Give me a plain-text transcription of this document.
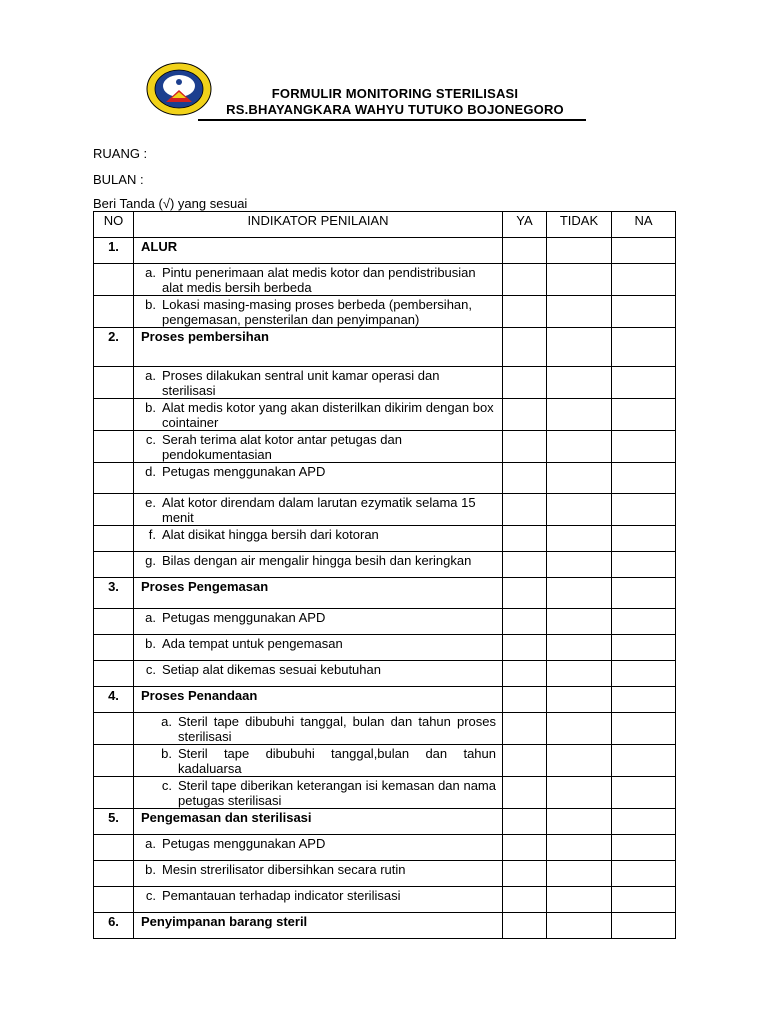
FORMULIR MONITORING STERILISASI
RS.BHAYANGKARA WAHYU TUTUKO BOJONEGORO
RUANG :
BULAN :
Beri Tanda (√) yang sesuai
NO	INDIKATOR PENILAIAN	YA	TIDAK	NA
1.	ALUR			

	a. Pintu penerimaan alat medis kotor dan pendistribusian alat medis bersih berbeda			

	b. Lokasi masing-masing proses berbeda (pembersihan, pengemasan, pensterilan dan penyimpanan)			

2.	Proses pembersihan			

	a. Proses dilakukan sentral unit kamar operasi dan sterilisasi			

	b. Alat medis kotor yang akan disterilkan dikirim dengan box cointainer			

	c. Serah terima alat kotor antar petugas dan pendokumentasian			

	d. Petugas menggunakan APD			

	e. Alat kotor direndam dalam larutan ezymatik selama 15 menit			

	f. Alat disikat hingga bersih dari kotoran			

	g. Bilas dengan air mengalir hingga besih dan keringkan			

3.	Proses Pengemasan			

	a. Petugas menggunakan APD			

	b. Ada tempat untuk pengemasan			

	c. Setiap alat dikemas sesuai kebutuhan			

4.	Proses Penandaan			

	a. Steril tape dibubuhi tanggal, bulan dan tahun proses sterilisasi			

	b. Steril tape dibubuhi tanggal,bulan dan tahun kadaluarsa			

	c. Steril tape diberikan keterangan isi kemasan dan nama petugas sterilisasi			

5.	Pengemasan dan sterilisasi			

	a. Petugas menggunakan APD			

	b. Mesin strerilisator dibersihkan secara rutin			

	c. Pemantauan terhadap indicator sterilisasi			

6.	Penyimpanan barang steril			
